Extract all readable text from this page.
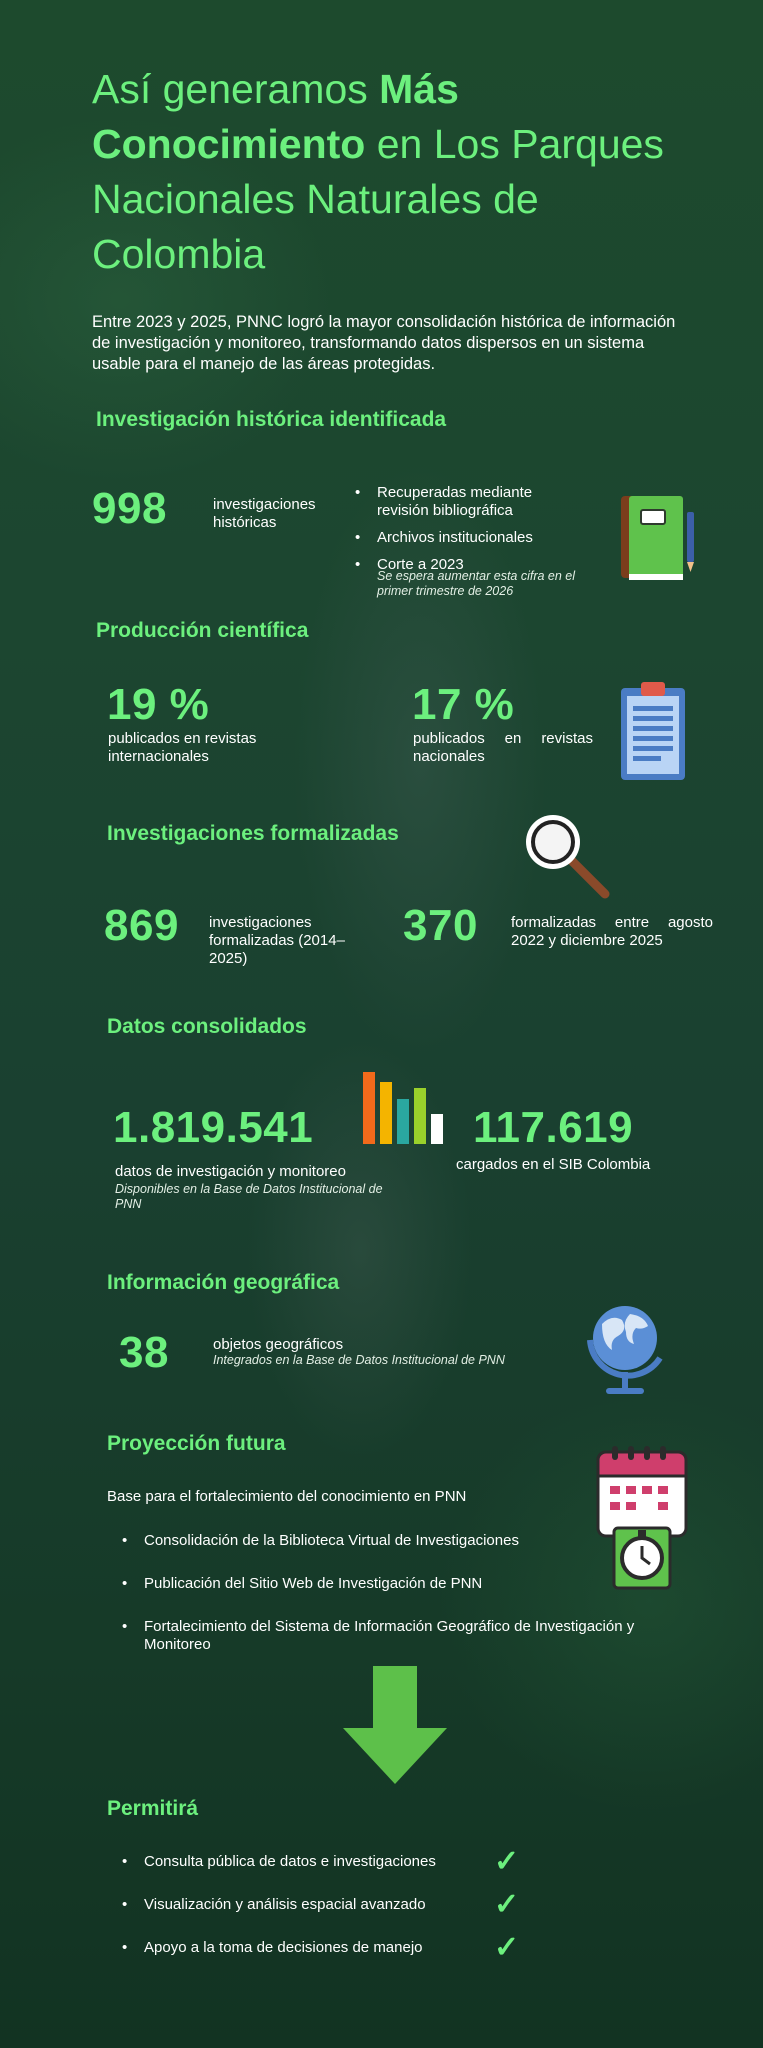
Así generamos Más Conocimiento en Los Parques Nacionales Naturales de Colombia
Entre 2023 y 2025, PNNC logró la mayor consolidación histórica de información de investigación y monitoreo, transformando datos dispersos en un sistema usable para el manejo de las áreas protegidas.
Investigación histórica identificada
998	investigaciones históricas
• Recuperadas mediante revisión bibliográfica
• Archivos institucionales
• Corte a 2023
Se espera aumentar esta cifra en el primer trimestre de 2026
Producción científica
19 %
publicados en revistas internacionales
17 %
publicados en revistas nacionales
Investigaciones formalizadas
869 investigaciones formalizadas (2014–2025)
370 formalizadas entre agosto 2022 y diciembre 2025
Datos consolidados
1.819.541
datos de investigación y monitoreo
Disponibles en la Base de Datos Institucional de PNN
117.619
cargados en el SIB Colombia
Información geográfica
38	objetos geográficos
Integrados en la Base de Datos Institucional de PNN
Proyección futura
Base para el fortalecimiento del conocimiento en PNN
• Consolidación de la Biblioteca Virtual de Investigaciones
• Publicación del Sitio Web de Investigación de PNN
• Fortalecimiento del Sistema de Información Geográfico de Investigación y Monitoreo
Permitirá
• Consulta pública de datos e investigaciones
• Visualización y análisis espacial avanzado
• Apoyo a la toma de decisiones de manejo
✓
✓
✓
